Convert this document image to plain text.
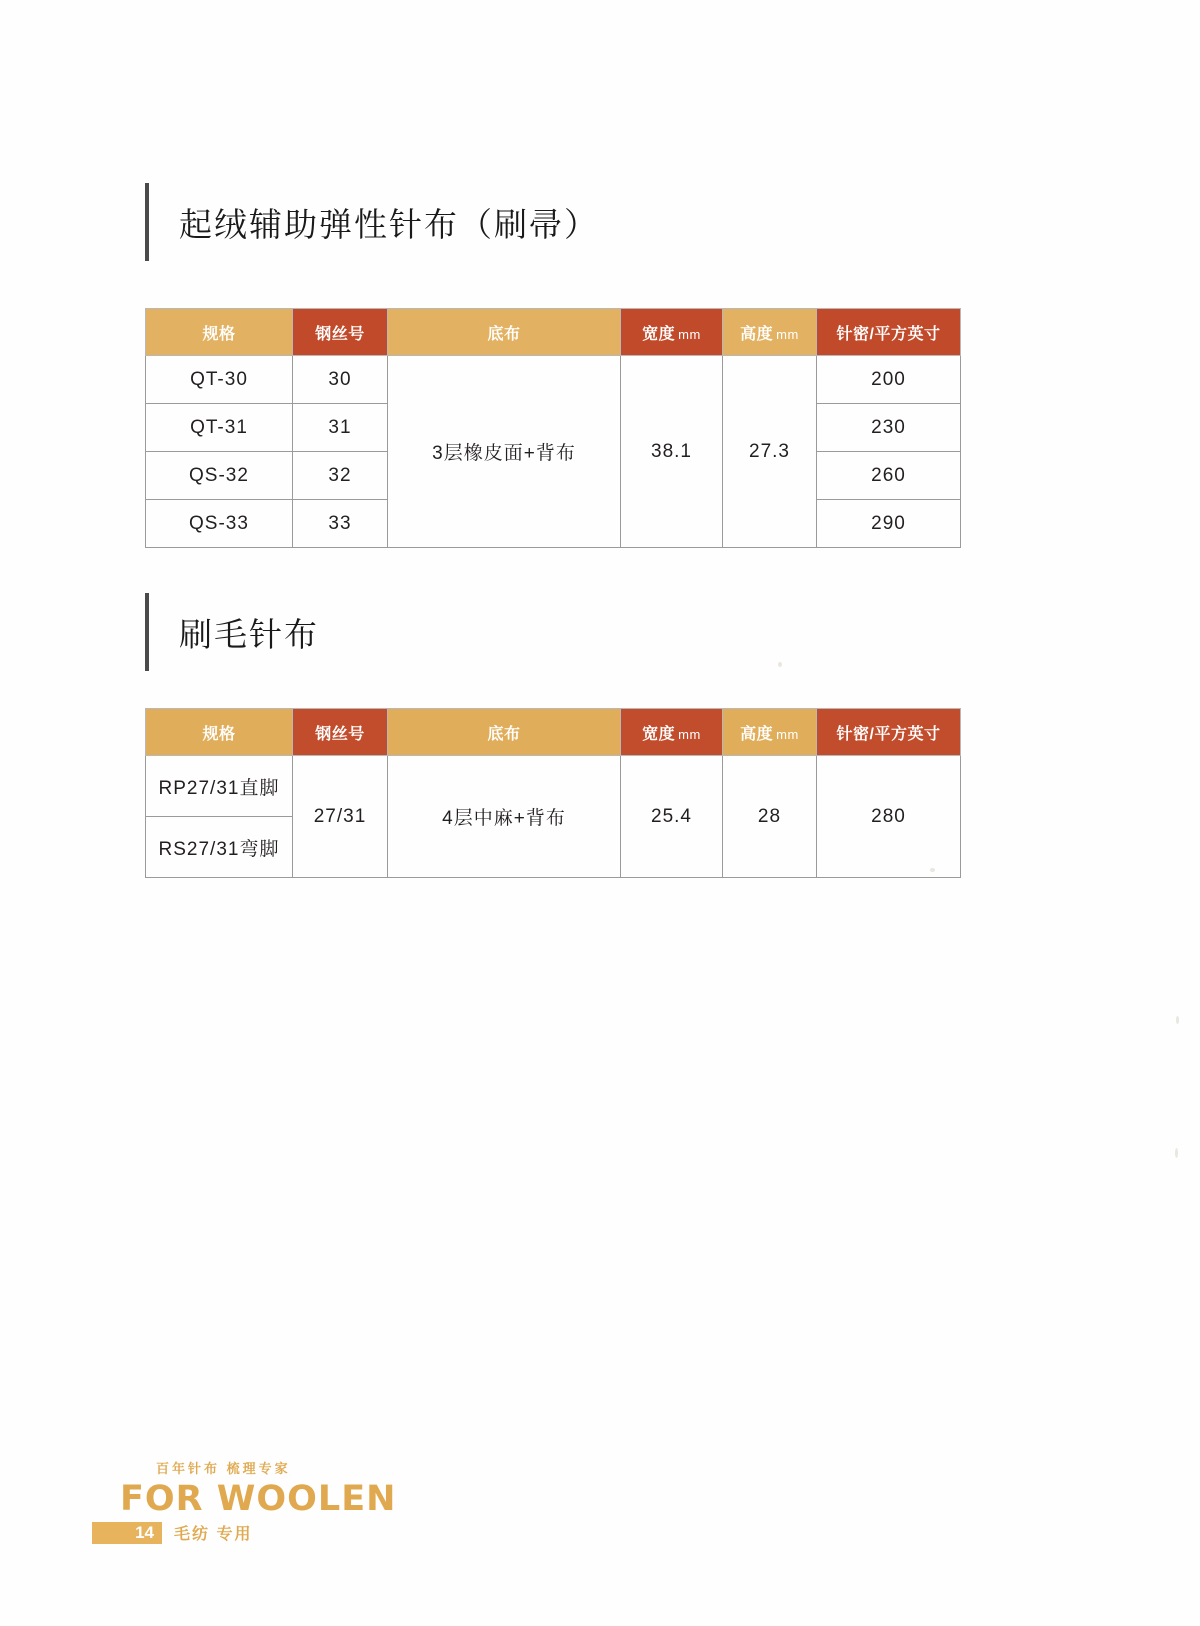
起绒辅助弹性针布（刷帚）
规格	钢丝号	底布	宽度 mm	高度 mm	针密/平方英寸
QT-30	30	3层橡皮面+背布	38.1	27.3	200
QT-31	31				230
QS-32	32				260
QS-33	33				290
刷毛针布
规格	钢丝号	底布	宽度 mm	高度 mm	针密/平方英寸
RP27/31直脚	27/31	4层中麻+背布	25.4	28	280
RS27/31弯脚					
百年针布 梳理专家
FOR WOOLEN
14	毛纺 专用
